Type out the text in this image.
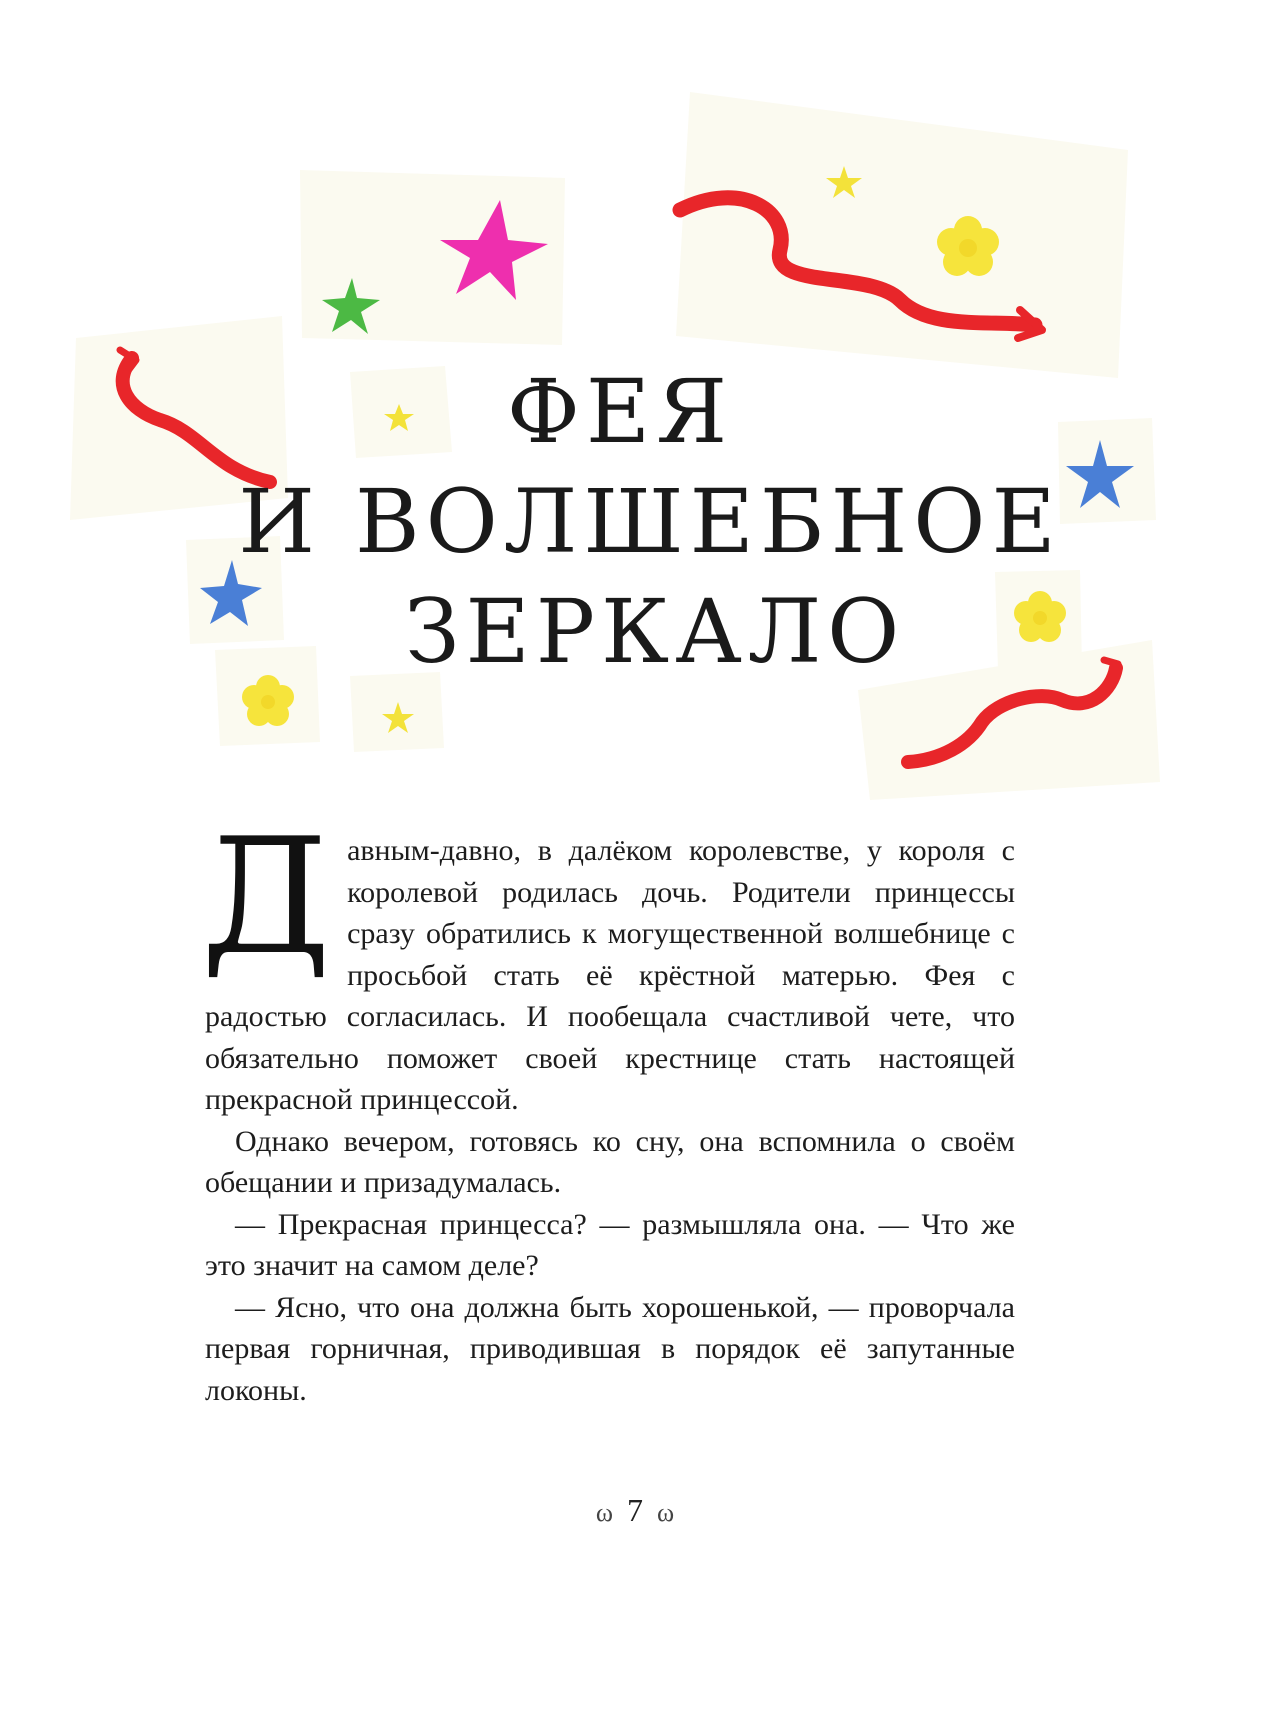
ФЕЯ
И ВОЛШЕБНОЕ
ЗЕРКАЛО

Давным-давно, в далёком королевстве, у короля с королевой родилась дочь. Родители принцессы сразу обратились к могущественной волшебнице с просьбой стать её крёстной матерью. Фея с радостью согласилась. И пообещала счастливой чете, что обязательно поможет своей крестнице стать настоящей прекрасной принцессой.

Однако вечером, готовясь ко сну, она вспомнила о своём обещании и призадумалась.

— Прекрасная принцесса? — размышляла она. — Что же это значит на самом деле?

— Ясно, что она должна быть хорошенькой, — проворчала первая горничная, приводившая в порядок её запутанные локоны.

ω 7 ω
